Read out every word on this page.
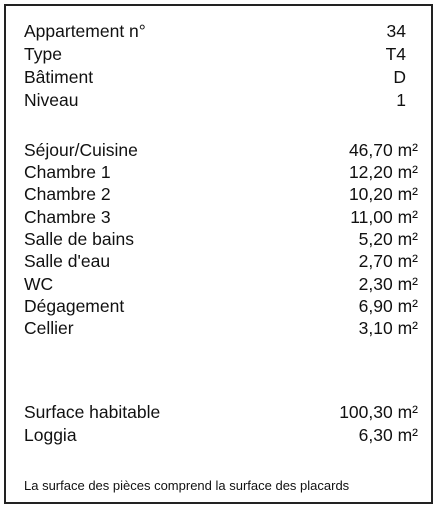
Appartement n°	34
Type	T4
Bâtiment	D
Niveau	1
Séjour/Cuisine	46,70 m²
Chambre 1	12,20 m²
Chambre 2	10,20 m²
Chambre 3	11,00 m²
Salle de bains	5,20 m²
Salle d'eau	2,70 m²
WC	2,30 m²
Dégagement	6,90 m²
Cellier	3,10 m²
Surface habitable	100,30 m²
Loggia	6,30 m²
La surface des pièces comprend la surface des placards
